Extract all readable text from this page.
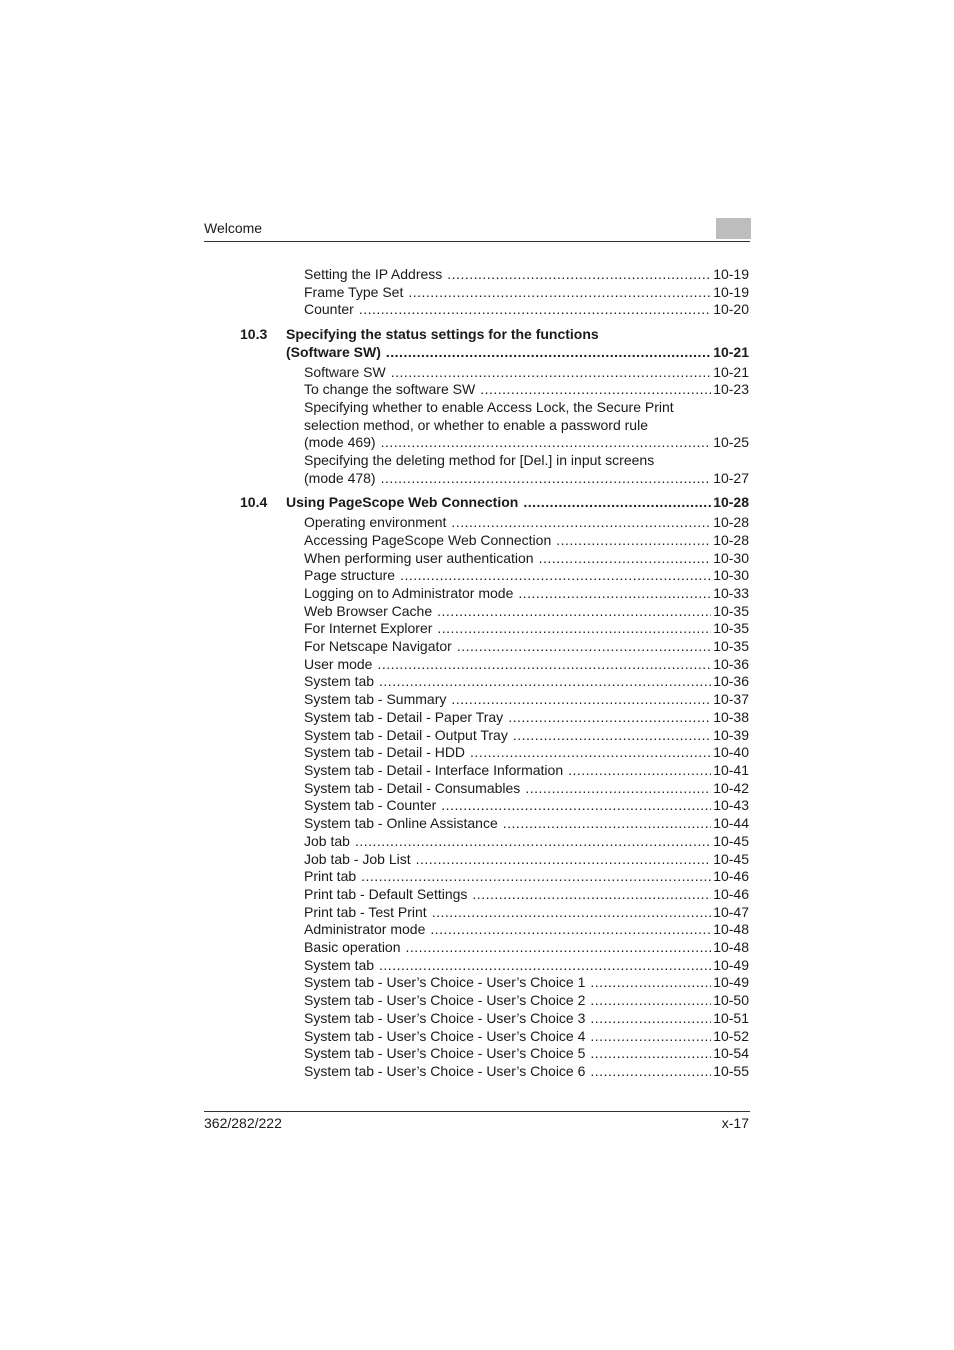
Welcome
Setting the IP Address .....	10-19
Frame Type Set .....	10-19
Counter .....	10-20
10.3 Specifying the status settings for the functions
(Software SW) .....	10-21
Software SW .....	10-21
To change the software SW .....	10-23
Specifying whether to enable Access Lock, the Secure Print
selection method, or whether to enable a password rule
(mode 469) .....	10-25
Specifying the deleting method for [Del.] in input screens
(mode 478) .....	10-27
10.4 Using PageScope Web Connection .....	10-28
Operating environment .....	10-28
Accessing PageScope Web Connection .....	10-28
When performing user authentication .....	10-30
Page structure .....	10-30
Logging on to Administrator mode .....	10-33
Web Browser Cache .....	10-35
For Internet Explorer .....	10-35
For Netscape Navigator .....	10-35
User mode .....	10-36
System tab .....	10-36
System tab - Summary .....	10-37
System tab - Detail - Paper Tray .....	10-38
System tab - Detail - Output Tray .....	10-39
System tab - Detail - HDD .....	10-40
System tab - Detail - Interface Information .....	10-41
System tab - Detail - Consumables .....	10-42
System tab - Counter .....	10-43
System tab - Online Assistance .....	10-44
Job tab .....	10-45
Job tab - Job List .....	10-45
Print tab .....	10-46
Print tab - Default Settings .....	10-46
Print tab - Test Print .....	10-47
Administrator mode .....	10-48
Basic operation .....	10-48
System tab .....	10-49
System tab - User’s Choice - User’s Choice 1 .....	10-49
System tab - User’s Choice - User’s Choice 2 .....	10-50
System tab - User’s Choice - User’s Choice 3 .....	10-51
System tab - User’s Choice - User’s Choice 4 .....	10-52
System tab - User’s Choice - User’s Choice 5 .....	10-54
System tab - User’s Choice - User’s Choice 6 .....	10-55
362/282/222	x-17
